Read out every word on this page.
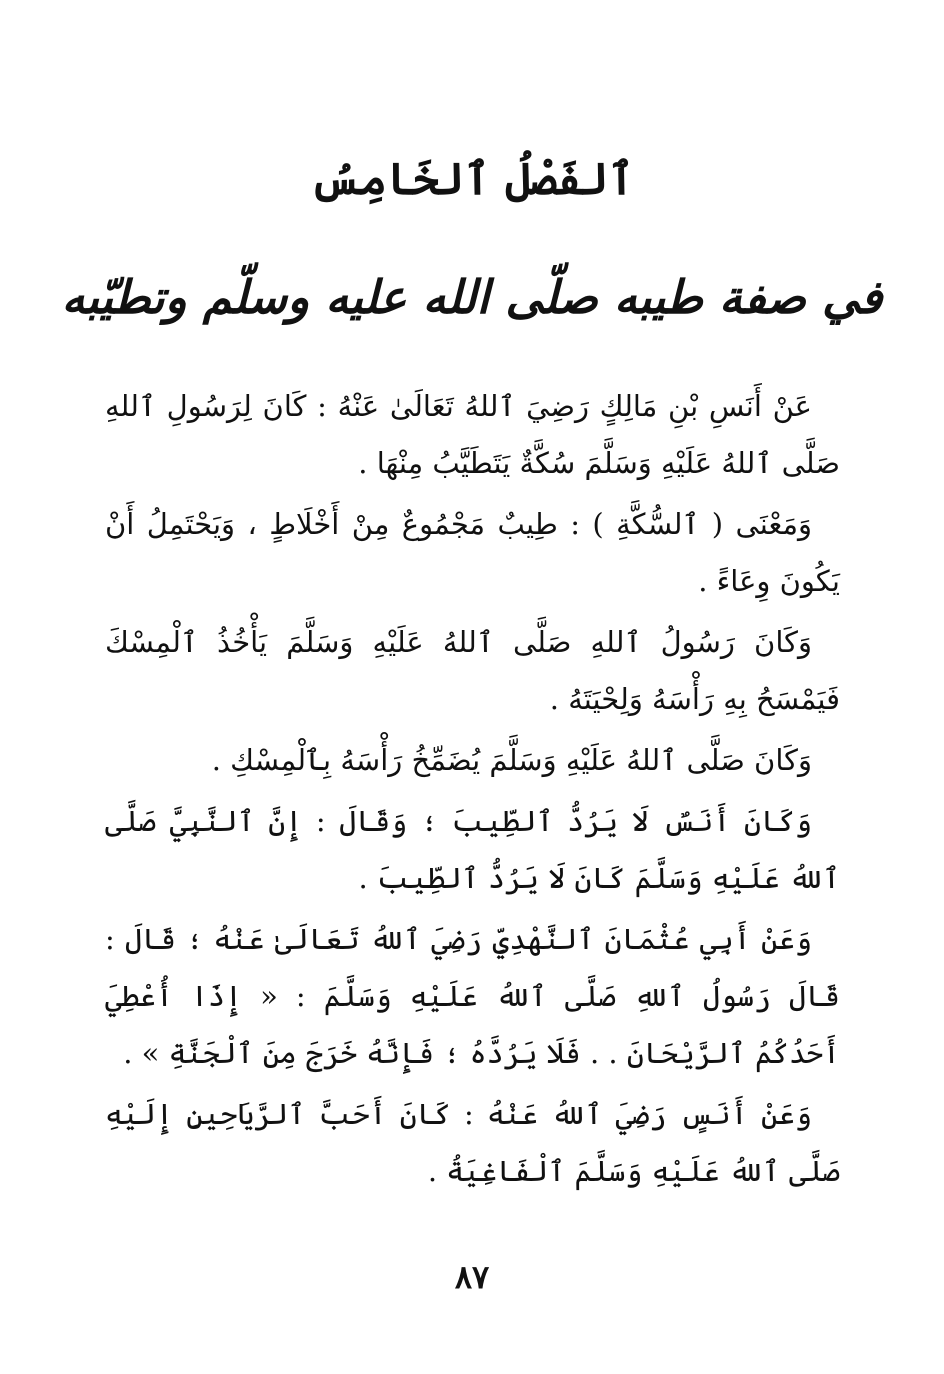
ٱلفَصْلُ ٱلخَامِسُ
في صفة طيبه صلّى الله عليه وسلّم وتطيّبه

عَنْ أَنَسِ بْنِ مَالِكٍ رَضِيَ ٱللهُ تَعَالَىٰ عَنْهُ : كَانَ لِرَسُولِ ٱللهِ صَلَّى ٱللهُ عَلَيْهِ وَسَلَّمَ سُكَّةٌ يَتَطَيَّبُ مِنْهَا .

وَمَعْنَى ( ٱلسُّكَّةِ ) : طِيبٌ مَجْمُوعٌ مِنْ أَخْلَاطٍ ، وَيَحْتَمِلُ أَنْ يَكُونَ وِعَاءً .

وَكَانَ رَسُولُ ٱللهِ صَلَّى ٱللهُ عَلَيْهِ وَسَلَّمَ يَأْخُذُ ٱلْمِسْكَ فَيَمْسَحُ بِهِ رَأْسَهُ وَلِحْيَتَهُ .

وَكَانَ صَلَّى ٱللهُ عَلَيْهِ وَسَلَّمَ يُضَمِّخُ رَأْسَهُ بِٱلْمِسْكِ .

وَكَانَ أَنَسٌ لَا يَرُدُّ ٱلطِّيبَ ؛ وَقَالَ : إِنَّ ٱلنَّبِيَّ صَلَّى ٱللهُ عَلَيْهِ وَسَلَّمَ كَانَ لَا يَرُدُّ ٱلطِّيبَ .

وَعَنْ أَبِي عُثْمَانَ ٱلنَّهْدِيِّ رَضِيَ ٱللهُ تَعَالَىٰ عَنْهُ ؛ قَالَ : قَالَ رَسُولُ ٱللهِ صَلَّى ٱللهُ عَلَيْهِ وَسَلَّمَ : « إِذَا أُعْطِيَ أَحَدُكُمُ ٱلرَّيْحَانَ . . فَلَا يَرُدَّهُ ؛ فَإِنَّهُ خَرَجَ مِنَ ٱلْجَنَّةِ » .

وَعَنْ أَنَسٍ رَضِيَ ٱللهُ عَنْهُ : كَانَ أَحَبَّ ٱلرَّيَاحِينِ إِلَيْهِ صَلَّى ٱللهُ عَلَيْهِ وَسَلَّمَ ٱلْفَاغِيَةُ .

٨٧
